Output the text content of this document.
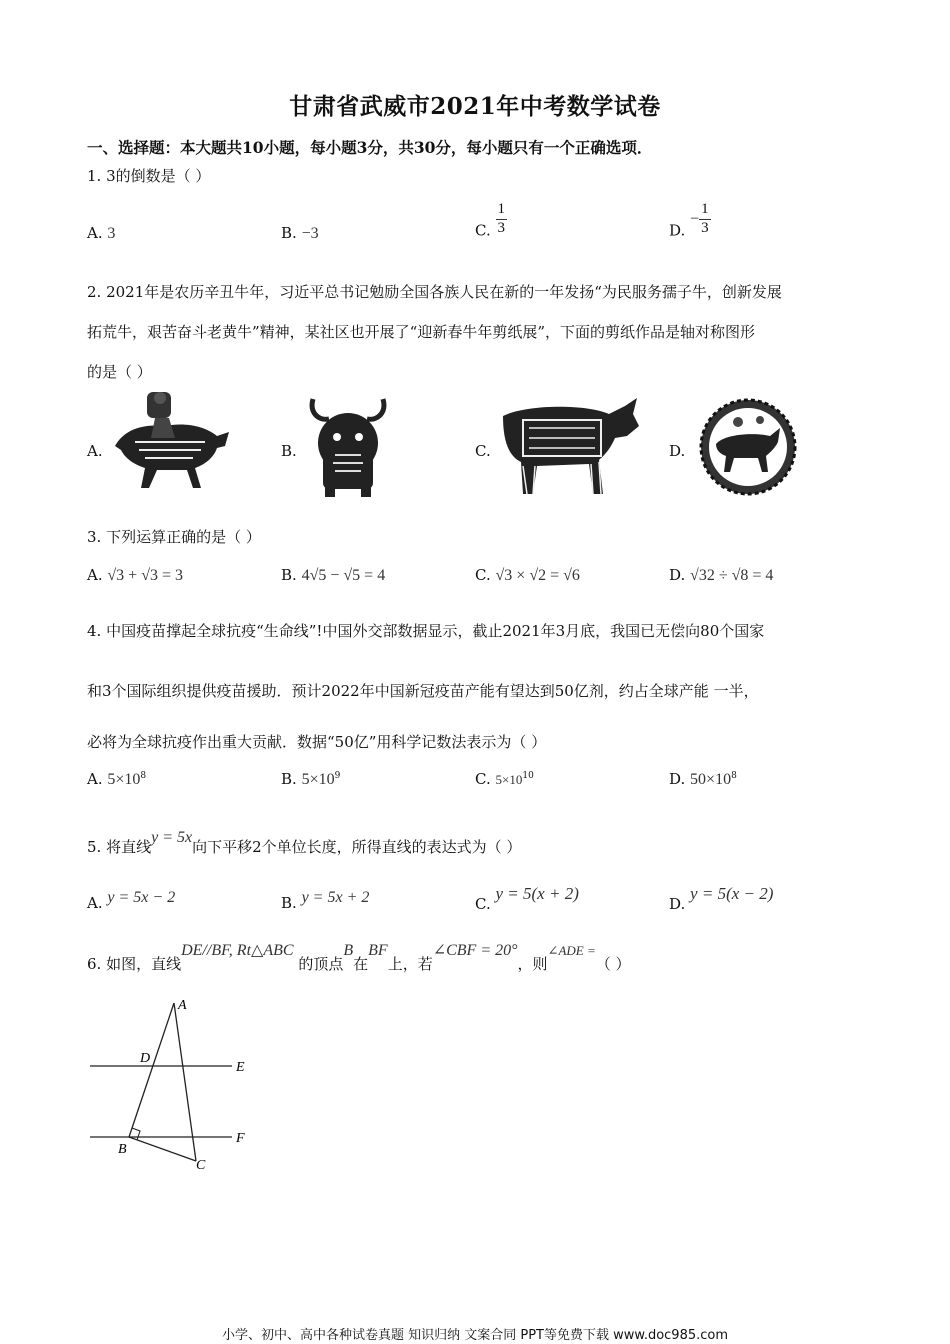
甘肃省武威市2021年中考数学试卷
一、选择题：本大题共10小题，每小题3分，共30分，每小题只有一个正确选项．
1. 3的倒数是（ ）
A. 3	B. −3	C. $\frac{1}{3}$	D. − $\frac{1}{3}$
2. 2021年是农历辛丑牛年，习近平总书记勉励全国各族人民在新的一年发扬“为民服务孺子牛，创新发展
拓荒牛，艰苦奋斗老黄牛”精神，某社区也开展了“迎新春牛年剪纸展”，下面的剪纸作品是轴对称图形
的是（ ）
A.	B.	C.	D.
3. 下列运算正确的是（ ）
A. √3 + √3 = 3	B. 4√5 − √5 = 4	C. √3 × √2 = √6	D. √32 ÷ √8 = 4
4. 中国疫苗撑起全球抗疫“生命线”!中国外交部数据显示，截止2021年3月底，我国已无偿向80个国家
和3个国际组织提供疫苗援助．预计2022年中国新冠疫苗产能有望达到50亿剂，约占全球产能 一半，
必将为全球抗疫作出重大贡献．数据“50亿”用科学记数法表示为（ ）
A. $5\times 10^8$	B. $5\times 10^9$	C. $5\times 10^{10}$	D. $50\times 10^8$
5. 将直线y = 5x向下平移2个单位长度，所得直线的表达式为（ ）
A. y = 5x − 2	B. y = 5x + 2	C. y = 5(x + 2)
D. y = 5(x − 2)
6. 如图，直线DE//BF, Rt△ABC 的顶点B在BF上，若∠CBF = 20°，则∠ADE =（ ）
A
D
E
B
F
C
小学、初中、高中各种试卷真题 知识归纳 文案合同 PPT等免费下载 www.doc985.com
